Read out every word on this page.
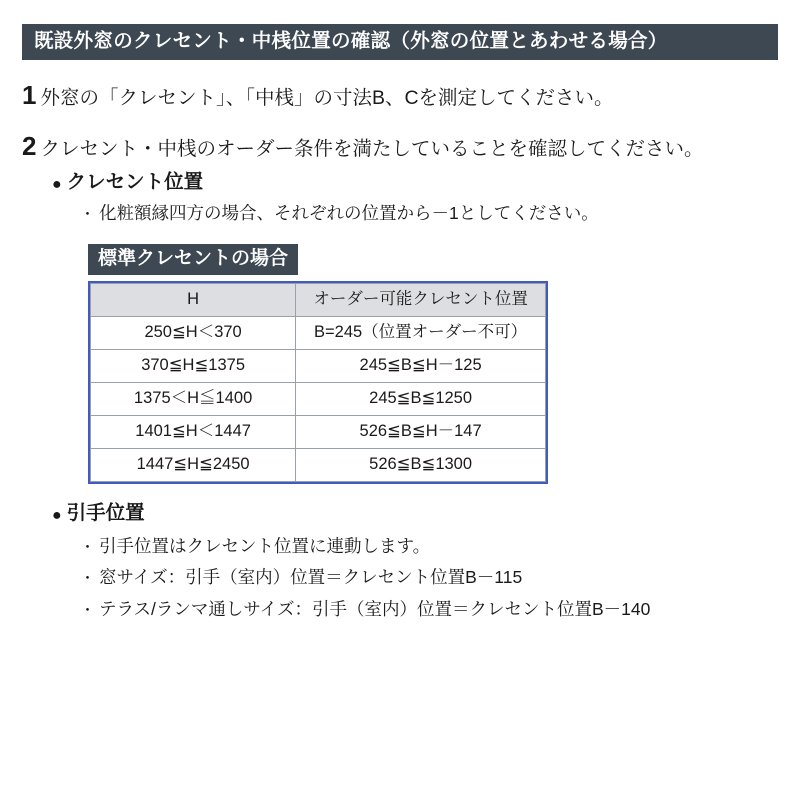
既設外窓のクレセント・中桟位置の確認（外窓の位置とあわせる場合）
1 外窓の「クレセント」、「中桟」の寸法B、Cを測定してください。
2 クレセント・中桟のオーダー条件を満たしていることを確認してください。
● クレセント位置
・ 化粧額縁四方の場合、それぞれの位置から－1としてください。
標準クレセントの場合
H	オーダー可能クレセント位置
250≦H＜370	B=245（位置オーダー不可）
370≦H≦1375	245≦B≦H－125
1375＜H≦1400	245≦B≦1250
1401≦H＜1447	526≦B≦H－147
1447≦H≦2450	526≦B≦1300
● 引手位置
・ 引手位置はクレセント位置に連動します。
・ 窓サイズ：引手（室内）位置＝クレセント位置B－115
・ テラス/ランマ通しサイズ：引手（室内）位置＝クレセント位置B－140
